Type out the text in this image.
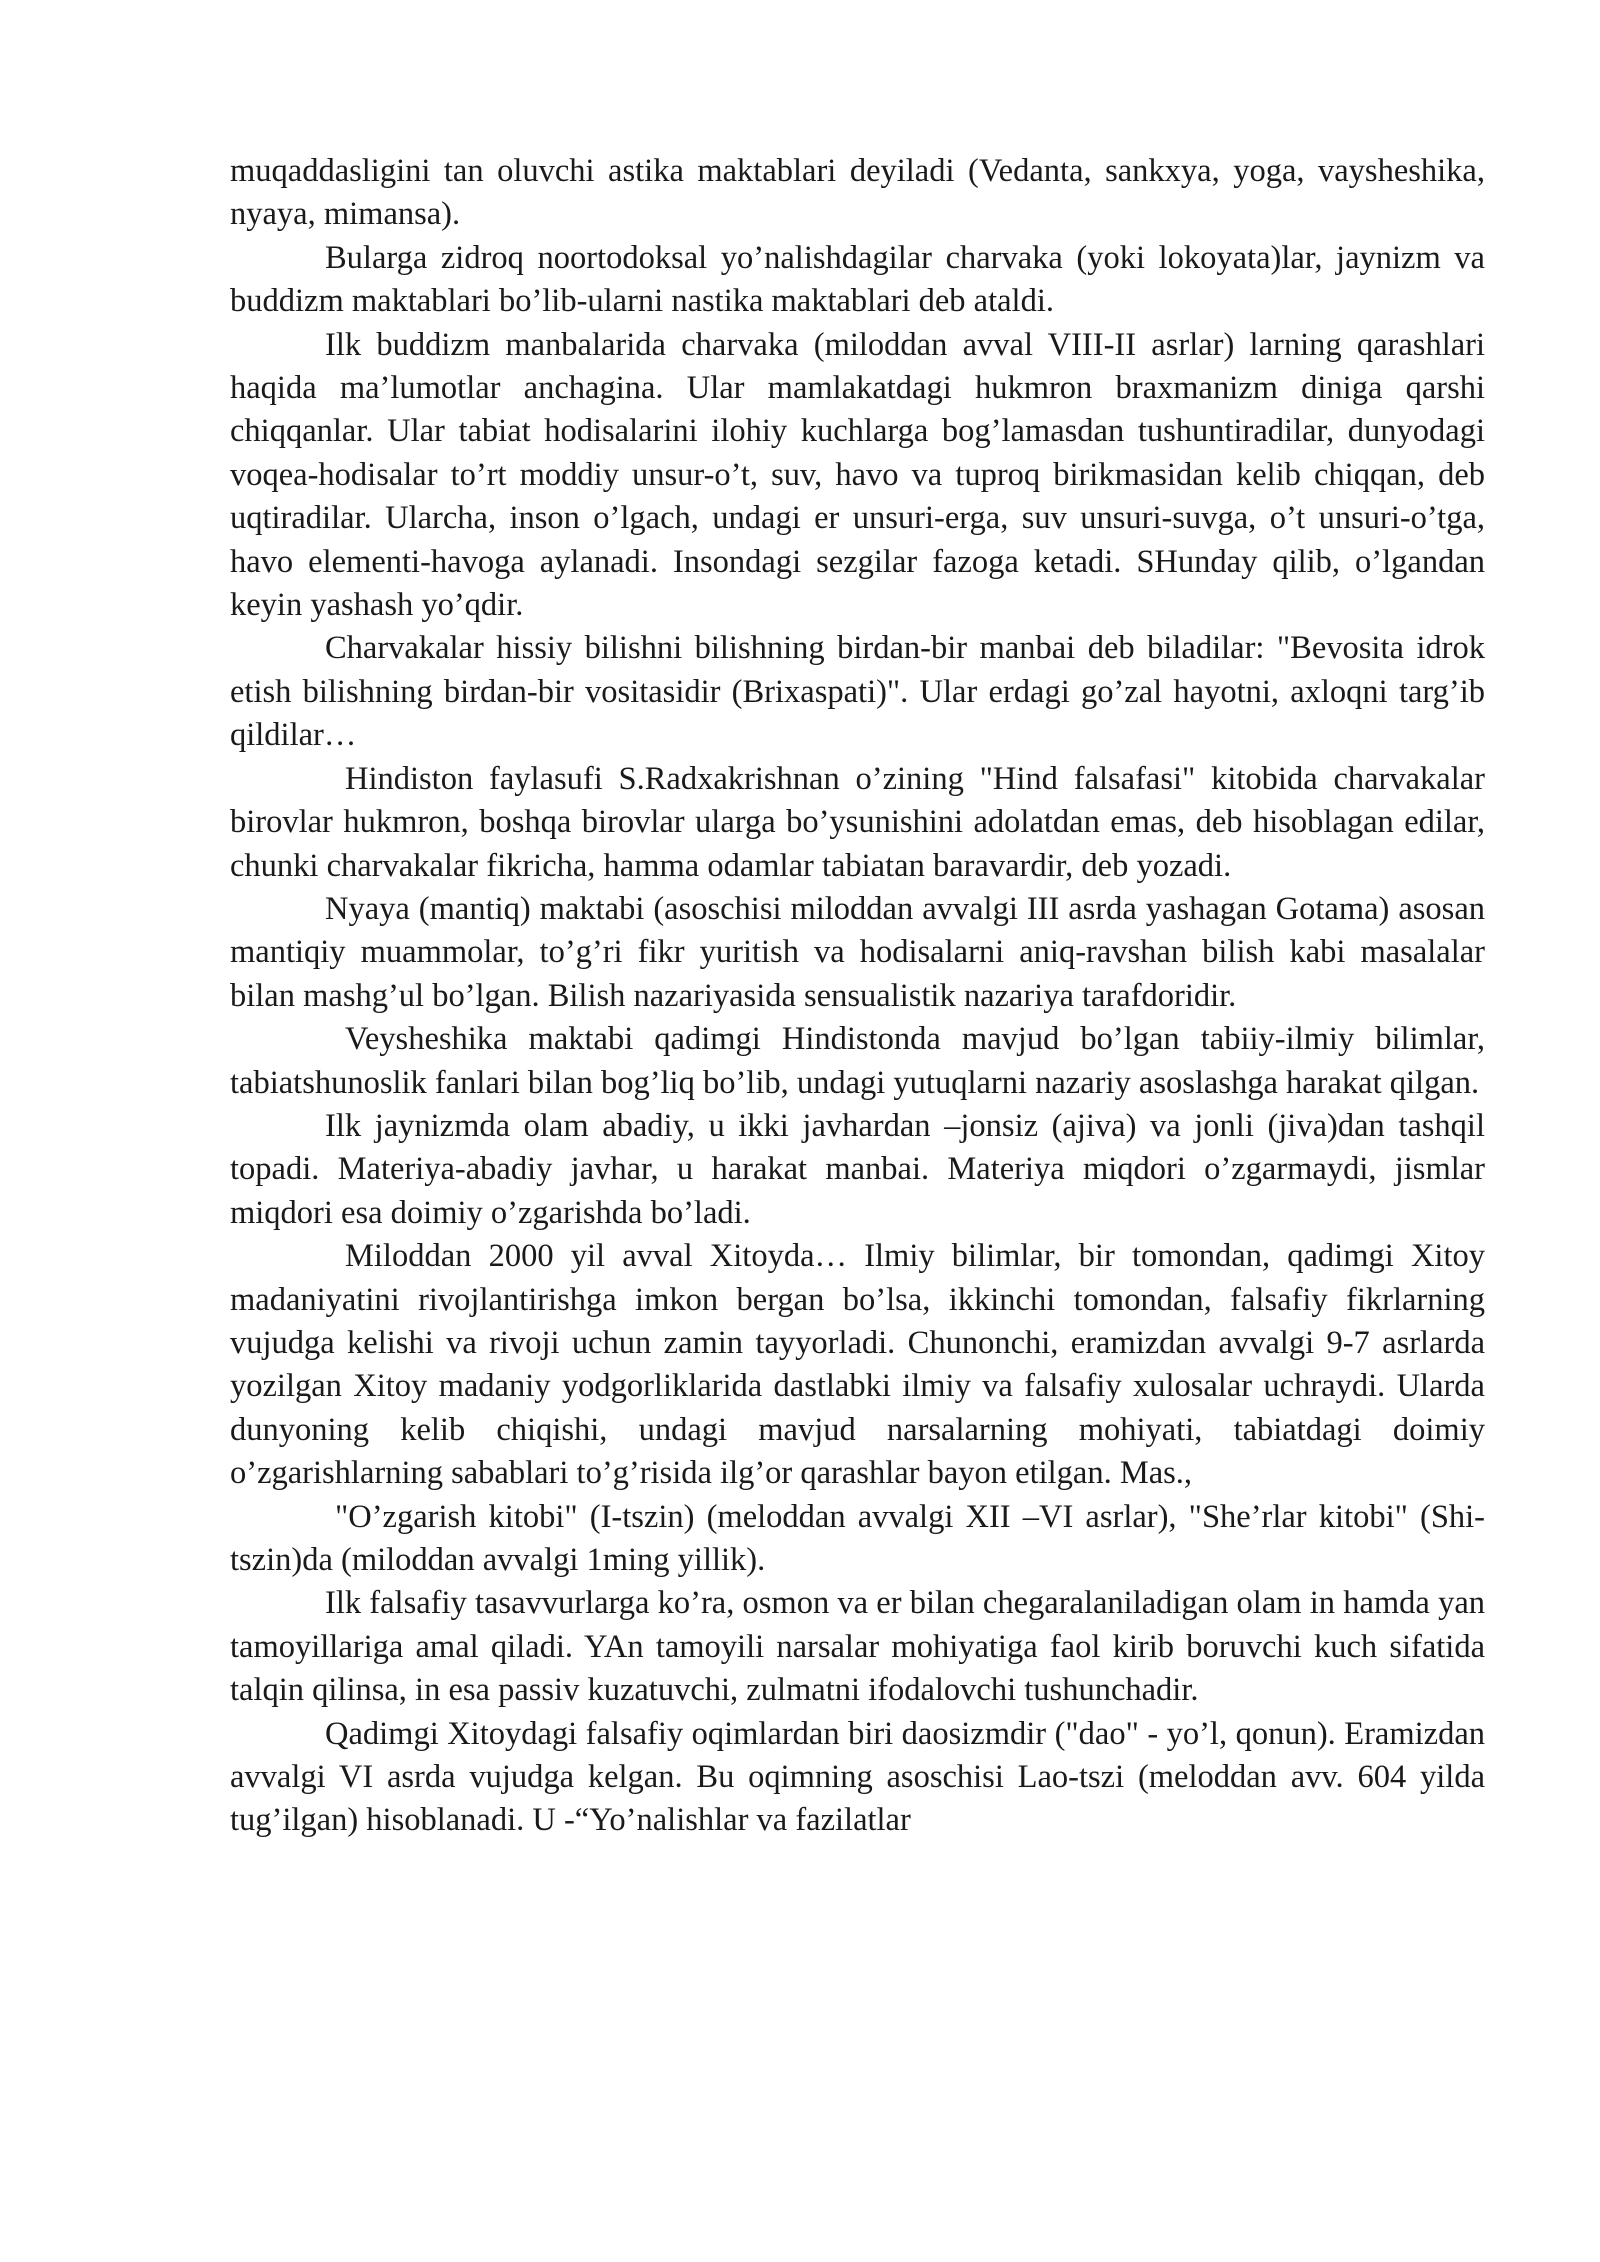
muqaddasligini tan oluvchi astika maktablari deyiladi (Vedanta, sankxya, yoga, vaysheshika, nyaya, mimansa).

Bularga zidroq noortodoksal yo’nalishdagilar charvaka (yoki lokoyata)lar, jaynizm va buddizm maktablari bo’lib-ularni nastika maktablari deb ataldi.

Ilk buddizm manbalarida charvaka (miloddan avval VIII-II asrlar) larning qarashlari haqida ma’lumotlar anchagina. Ular mamlakatdagi hukmron braxmanizm diniga qarshi chiqqanlar. Ular tabiat hodisalarini ilohiy kuchlarga bog’lamasdan tushuntiradilar, dunyodagi voqea-hodisalar to’rt moddiy unsur-o’t, suv, havo va tuproq birikmasidan kelib chiqqan, deb uqtiradilar. Ularcha, inson o’lgach, undagi er unsuri-erga, suv unsuri-suvga, o’t unsuri-o’tga, havo elementi-havoga aylanadi. Insondagi sezgilar fazoga ketadi. SHunday qilib, o’lgandan keyin yashash yo’qdir.

Charvakalar hissiy bilishni bilishning birdan-bir manbai deb biladilar: "Bevosita idrok etish bilishning birdan-bir vositasidir (Brixaspati)". Ular erdagi go’zal hayotni, axloqni targ’ib qildilar…

Hindiston faylasufi S.Radxakrishnan o’zining "Hind falsafasi" kitobida charvakalar birovlar hukmron, boshqa birovlar ularga bo’ysunishini adolatdan emas, deb hisoblagan edilar, chunki charvakalar fikricha, hamma odamlar tabiatan baravardir, deb yozadi.

Nyaya (mantiq) maktabi (asoschisi miloddan avvalgi III asrda yashagan Gotama) asosan mantiqiy muammolar, to’g’ri fikr yuritish va hodisalarni aniq-ravshan bilish kabi masalalar bilan mashg’ul bo’lgan. Bilish nazariyasida sensualistik nazariya tarafdoridir.

Veysheshika maktabi qadimgi Hindistonda mavjud bo’lgan tabiiy-ilmiy bilimlar, tabiatshunoslik fanlari bilan bog’liq bo’lib, undagi yutuqlarni nazariy asoslashga harakat qilgan.

Ilk jaynizmda olam abadiy, u ikki javhardan –jonsiz (ajiva) va jonli (jiva)dan tashqil topadi. Materiya-abadiy javhar, u harakat manbai. Materiya miqdori o’zgarmaydi, jismlar miqdori esa doimiy o’zgarishda bo’ladi.

Miloddan 2000 yil avval Xitoyda… Ilmiy bilimlar, bir tomondan, qadimgi Xitoy madaniyatini rivojlantirishga imkon bergan bo’lsa, ikkinchi tomondan, falsafiy fikrlarning vujudga kelishi va rivoji uchun zamin tayyorladi. Chunonchi, eramizdan avvalgi 9-7 asrlarda yozilgan Xitoy madaniy yodgorliklarida dastlabki ilmiy va falsafiy xulosalar uchraydi. Ularda dunyoning kelib chiqishi, undagi mavjud narsalarning mohiyati, tabiatdagi doimiy o’zgarishlarning sabablari to’g’risida ilg’or qarashlar bayon etilgan. Mas.,

"O’zgarish kitobi" (I-tszin) (meloddan avvalgi XII –VI asrlar), "She’rlar kitobi" (Shi-tszin)da (miloddan avvalgi 1ming yillik).

Ilk falsafiy tasavvurlarga ko’ra, osmon va er bilan chegaralaniladigan olam in hamda yan tamoyillariga amal qiladi. YAn tamoyili narsalar mohiyatiga faol kirib boruvchi kuch sifatida talqin qilinsa, in esa passiv kuzatuvchi, zulmatni ifodalovchi tushunchadir.

Qadimgi Xitoydagi falsafiy oqimlardan biri daosizmdir ("dao" - yo’l, qonun). Eramizdan avvalgi VI asrda vujudga kelgan. Bu oqimning asoschisi Lao-tszi (meloddan avv. 604 yilda tug’ilgan) hisoblanadi. U -“Yo’nalishlar va fazilatlar
